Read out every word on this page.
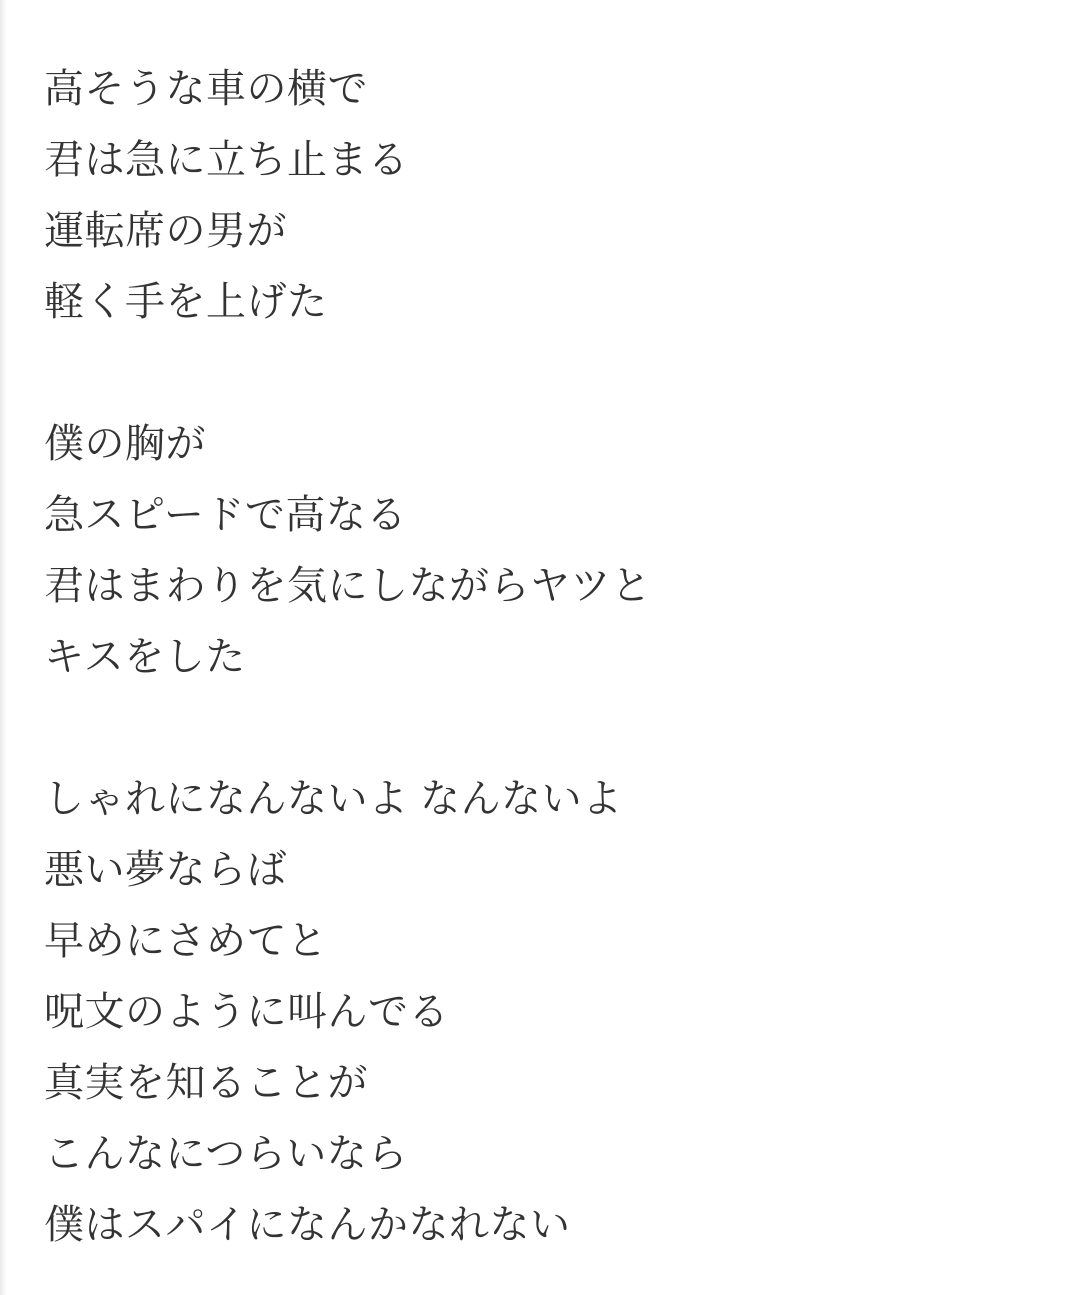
高そうな車の横で

君は急に立ち止まる

運転席の男が

軽く手を上げた

僕の胸が

急スピードで高なる

君はまわりを気にしながらヤツと

キスをした

しゃれになんないよ なんないよ

悪い夢ならば

早めにさめてと

呪文のように叫んでる

真実を知ることが

こんなにつらいなら

僕はスパイになんかなれない
